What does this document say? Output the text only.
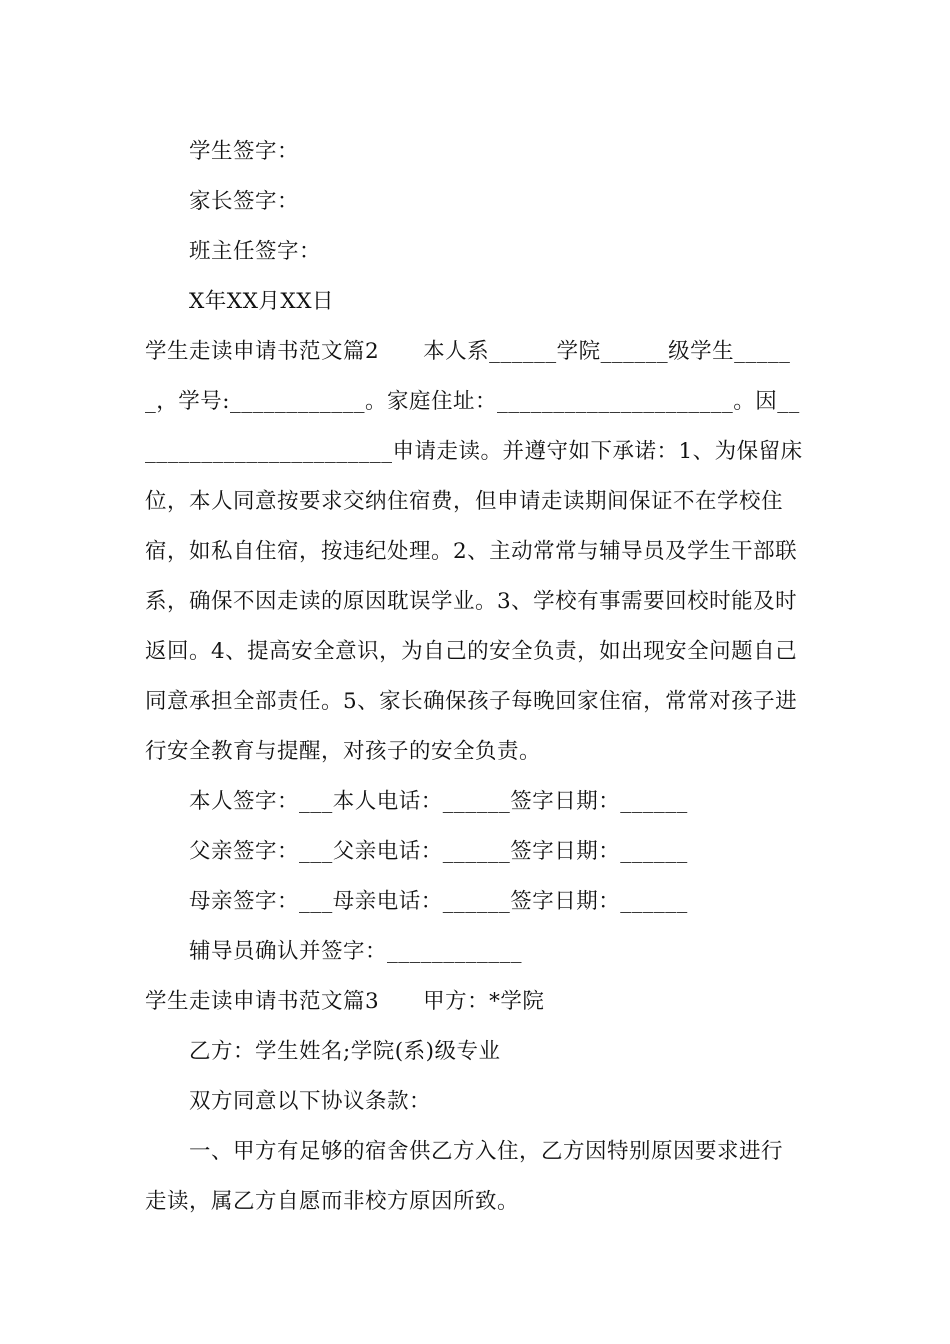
学生签字：
家长签字：
班主任签字：
X年XX月XX日
学生走读申请书范文篇2　　本人系______学院______级学生_____
_，学号:____________。家庭住址：_____________________。因__
______________________申请走读。并遵守如下承诺：1、为保留床
位，本人同意按要求交纳住宿费，但申请走读期间保证不在学校住
宿，如私自住宿，按违纪处理。2、主动常常与辅导员及学生干部联
系，确保不因走读的原因耽误学业。3、学校有事需要回校时能及时
返回。4、提高安全意识，为自己的安全负责，如出现安全问题自己
同意承担全部责任。5、家长确保孩子每晚回家住宿，常常对孩子进
行安全教育与提醒，对孩子的安全负责。
本人签字：___本人电话：______签字日期：______
父亲签字：___父亲电话：______签字日期：______
母亲签字：___母亲电话：______签字日期：______
辅导员确认并签字：____________
学生走读申请书范文篇3　　甲方：*学院
乙方：学生姓名;学院(系)级专业
双方同意以下协议条款：
一、甲方有足够的宿舍供乙方入住，乙方因特别原因要求进行
走读，属乙方自愿而非校方原因所致。
